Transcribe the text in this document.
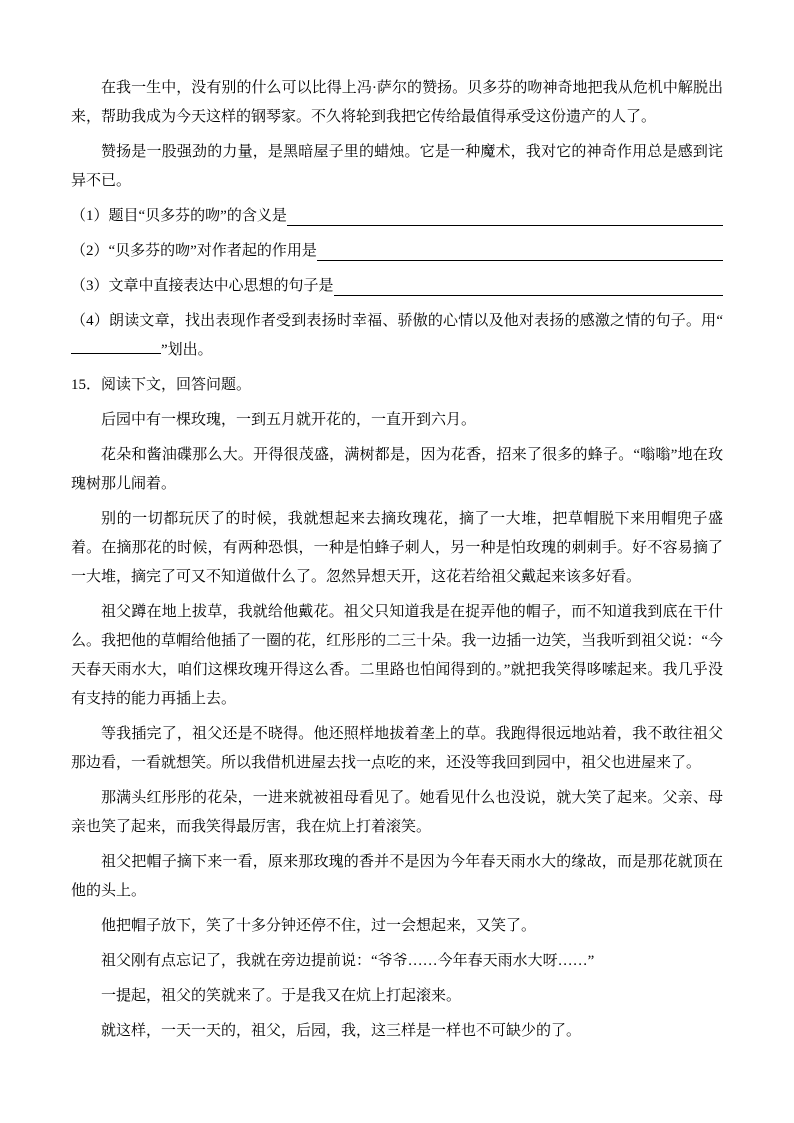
在我一生中，没有别的什么可以比得上冯·萨尔的赞扬。贝多芬的吻神奇地把我从危机中解脱出来，帮助我成为今天这样的钢琴家。不久将轮到我把它传给最值得承受这份遗产的人了。

赞扬是一股强劲的力量，是黑暗屋子里的蜡烛。它是一种魔术，我对它的神奇作用总是感到诧异不已。

（1）题目“贝多芬的吻”的含义是
（2）“贝多芬的吻”对作者起的作用是
（3）文章中直接表达中心思想的句子是

（4）朗读文章，找出表现作者受到表扬时幸福、骄傲的心情以及他对表扬的感激之情的句子。用“”划出。

15．阅读下文，回答问题。

后园中有一棵玫瑰，一到五月就开花的，一直开到六月。

花朵和酱油碟那么大。开得很茂盛，满树都是，因为花香，招来了很多的蜂子。“嗡嗡”地在玫瑰树那儿闹着。

别的一切都玩厌了的时候，我就想起来去摘玫瑰花，摘了一大堆，把草帽脱下来用帽兜子盛着。在摘那花的时候，有两种恐惧，一种是怕蜂子刺人，另一种是怕玫瑰的刺刺手。好不容易摘了一大堆，摘完了可又不知道做什么了。忽然异想天开，这花若给祖父戴起来该多好看。

祖父蹲在地上拔草，我就给他戴花。祖父只知道我是在捉弄他的帽子，而不知道我到底在干什么。我把他的草帽给他插了一圈的花，红彤彤的二三十朵。我一边插一边笑，当我听到祖父说：“今天春天雨水大，咱们这棵玫瑰开得这么香。二里路也怕闻得到的。”就把我笑得哆嗦起来。我几乎没有支持的能力再插上去。

等我插完了，祖父还是不晓得。他还照样地拔着垄上的草。我跑得很远地站着，我不敢往祖父那边看，一看就想笑。所以我借机进屋去找一点吃的来，还没等我回到园中，祖父也进屋来了。

那满头红彤彤的花朵，一进来就被祖母看见了。她看见什么也没说，就大笑了起来。父亲、母亲也笑了起来，而我笑得最厉害，我在炕上打着滚笑。

祖父把帽子摘下来一看，原来那玫瑰的香并不是因为今年春天雨水大的缘故，而是那花就顶在他的头上。

他把帽子放下，笑了十多分钟还停不住，过一会想起来，又笑了。

祖父刚有点忘记了，我就在旁边提前说：“爷爷……今年春天雨水大呀……”

一提起，祖父的笑就来了。于是我又在炕上打起滚来。

就这样，一天一天的，祖父，后园，我，这三样是一样也不可缺少的了。
